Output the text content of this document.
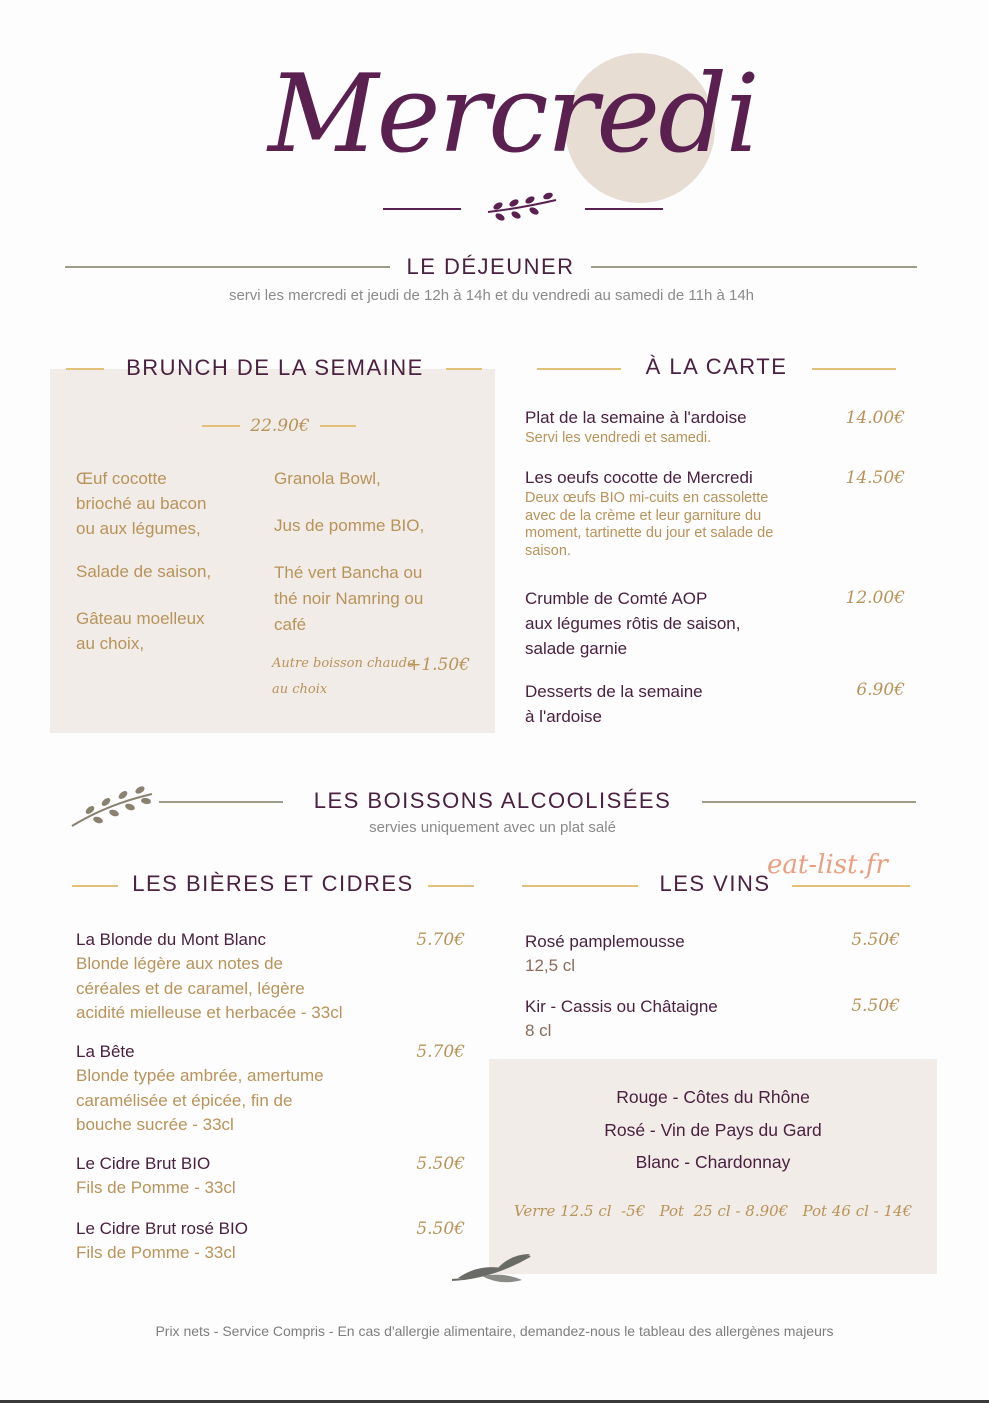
Mercredi
LE DÉJEUNER
servi les mercredi et jeudi de 12h à 14h et du vendredi au samedi de 11h à 14h
BRUNCH DE LA SEMAINE
22.90€
Œuf cocotte
brioché au bacon
ou aux légumes,
Salade de saison,
Gâteau moelleux
au choix,
Granola Bowl,
Jus de pomme BIO,
Thé vert Bancha ou
thé noir Namring ou
café
Autre boisson chaude
au choix
+1.50€
À LA CARTE
Plat de la semaine à l'ardoise
Servi les vendredi et samedi.
14.00€
Les oeufs cocotte de Mercredi
Deux œufs BIO mi-cuits en cassolette
avec de la crème et leur garniture du
moment, tartinette du jour et salade de
saison.
14.50€
Crumble de Comté AOP
aux légumes rôtis de saison,
salade garnie
12.00€
Desserts de la semaine
à l'ardoise
6.90€
LES BOISSONS ALCOOLISÉES
servies uniquement avec un plat salé
LES BIÈRES ET CIDRES
La Blonde du Mont Blanc
Blonde légère aux notes de
céréales et de caramel, légère
acidité mielleuse et herbacée - 33cl
5.70€
La Bête
Blonde typée ambrée, amertume
caramélisée et épicée, fin de
bouche sucrée - 33cl
5.70€
Le Cidre Brut BIO
Fils de Pomme - 33cl
5.50€
Le Cidre Brut rosé BIO
Fils de Pomme - 33cl
5.50€
LES VINS
eat-list.fr
Rosé pamplemousse
12,5 cl
5.50€
Kir - Cassis ou Châtaigne
8 cl
5.50€
Rouge - Côtes du Rhône
Rosé - Vin de Pays du Gard
Blanc - Chardonnay
Verre 12.5 cl  -5€   Pot  25 cl - 8.90€   Pot 46 cl - 14€
Prix nets - Service Compris - En cas d'allergie alimentaire, demandez-nous le tableau des allergènes majeurs
